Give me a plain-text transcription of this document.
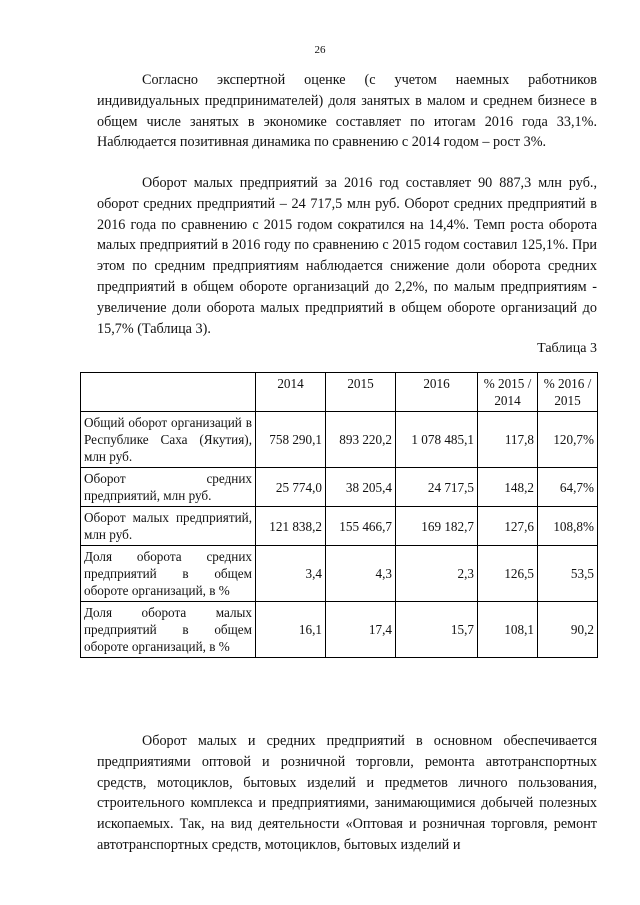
26

Согласно экспертной оценке (с учетом наемных работников индивидуальных предпринимателей) доля занятых в малом и среднем бизнесе в общем числе занятых в экономике составляет по итогам 2016 года 33,1%. Наблюдается позитивная динамика по сравнению с 2014 годом – рост 3%.

Оборот малых предприятий за 2016 год составляет 90 887,3 млн руб., оборот средних предприятий – 24 717,5 млн руб. Оборот средних предприятий в 2016 года по сравнению с 2015 годом сократился на 14,4%. Темп роста оборота малых предприятий в 2016 году по сравнению с 2015 годом составил 125,1%. При этом по средним предприятиям наблюдается снижение доли оборота средних предприятий в общем обороте организаций до 2,2%, по малым предприятиям - увеличение доли оборота малых предприятий в общем обороте организаций до 15,7% (Таблица 3).

Таблица 3
	2014	2015	2016	% 2015 / 2014	% 2016 / 2015
Общий оборот организаций в Республике Саха (Якутия), млн руб.	758 290,1	893 220,2	1 078 485,1	117,8	120,7%
Оборот средних предприятий, млн руб.	25 774,0	38 205,4	24 717,5	148,2	64,7%
Оборот малых предприятий, млн руб.	121 838,2	155 466,7	169 182,7	127,6	108,8%
Доля оборота средних предприятий в общем обороте организаций, в %	3,4	4,3	2,3	126,5	53,5
Доля оборота малых предприятий в общем обороте организаций, в %	16,1	17,4	15,7	108,1	90,2

Оборот малых и средних предприятий в основном обеспечивается предприятиями оптовой и розничной торговли, ремонта автотранспортных средств, мотоциклов, бытовых изделий и предметов личного пользования, строительного комплекса и предприятиями, занимающимися добычей полезных ископаемых. Так, на вид деятельности «Оптовая и розничная торговля, ремонт автотранспортных средств, мотоциклов, бытовых изделий и
